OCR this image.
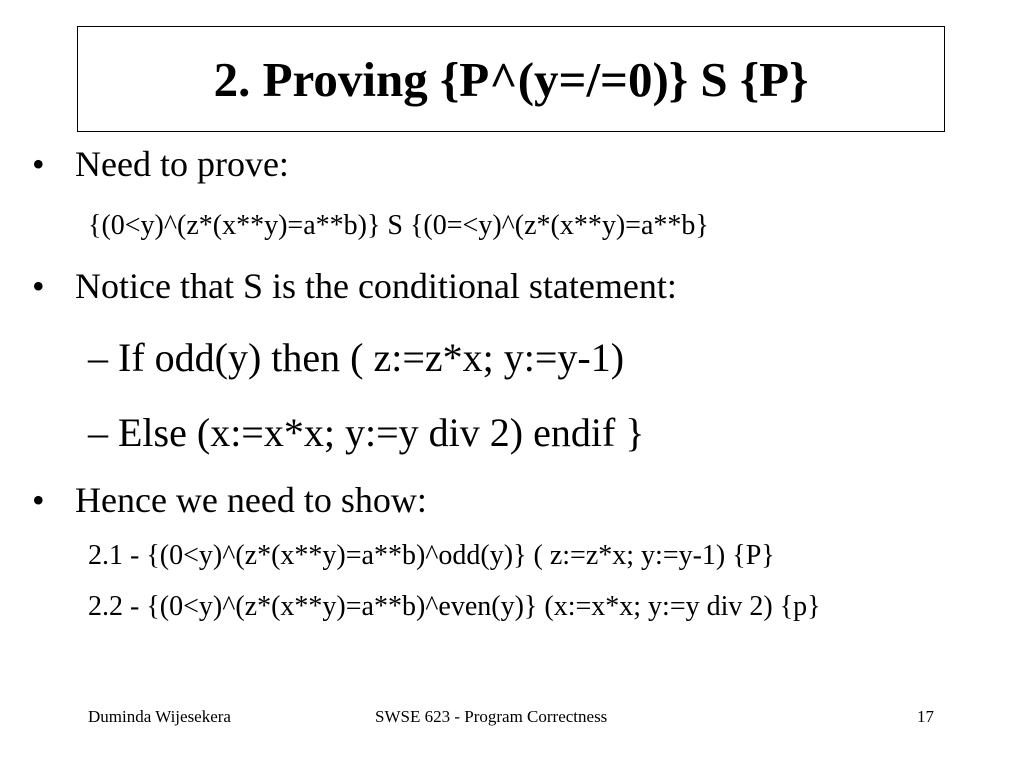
2. Proving {P^(y=/=0)} S {P}
• Need to prove:
{(0<y)^(z*(x**y)=a**b)} S {(0=<y)^(z*(x**y)=a**b}
• Notice that S is the conditional statement:
– If odd(y) then ( z:=z*x; y:=y-1)
– Else (x:=x*x; y:=y div 2) endif }
• Hence we need to show:
2.1 - {(0<y)^(z*(x**y)=a**b)^odd(y)} ( z:=z*x; y:=y-1) {P}
2.2 - {(0<y)^(z*(x**y)=a**b)^even(y)} (x:=x*x; y:=y div 2) {p}
Duminda Wijesekera	SWSE 623 - Program Correctness	17
